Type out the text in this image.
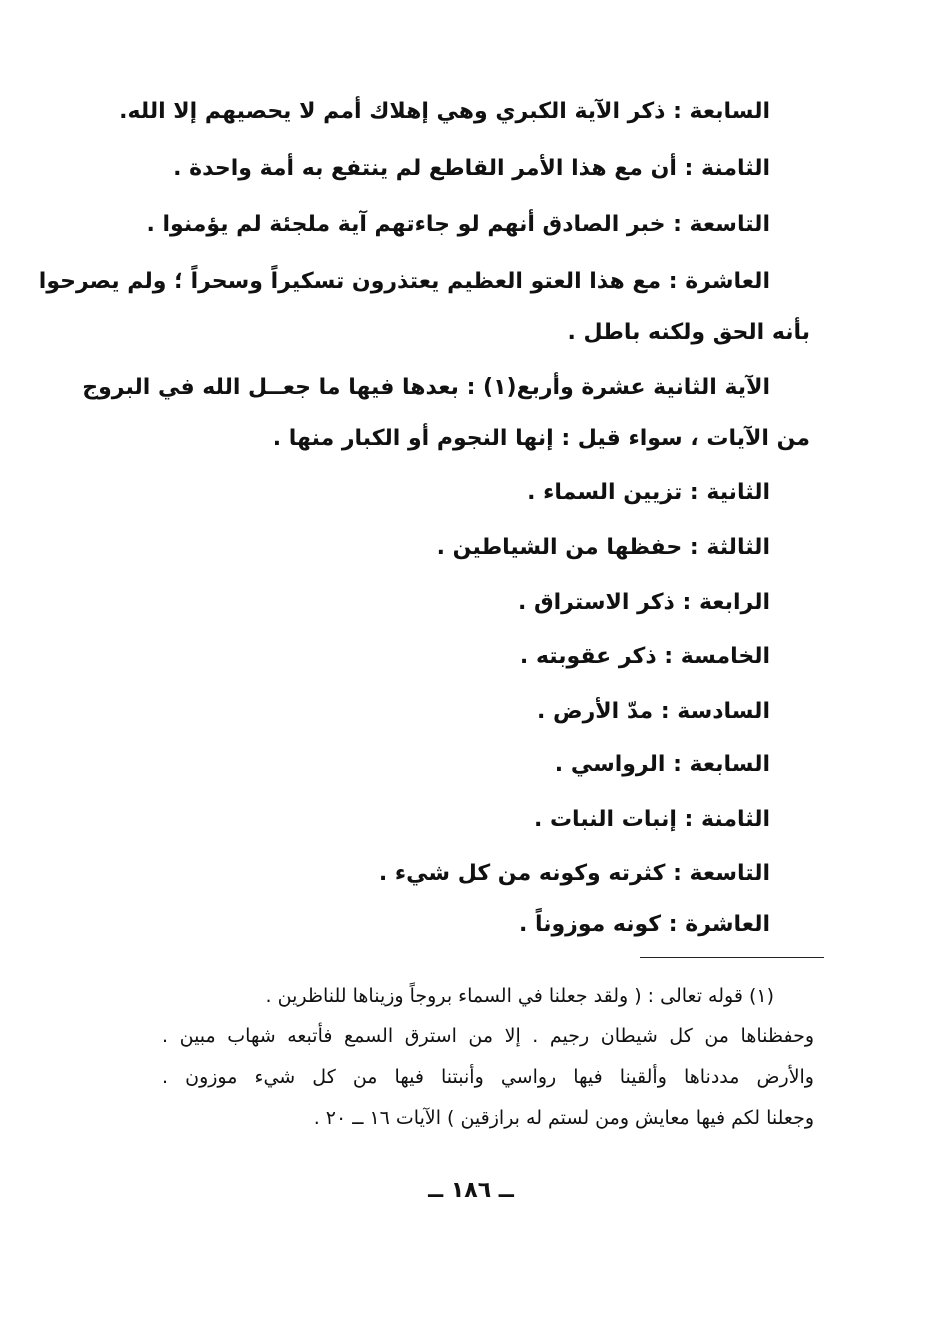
السابعة : ذكر الآية الكبري وهي إهلاك أمم لا يحصيهم إلا الله.
الثامنة : أن مع هذا الأمر القاطع لم ينتفع به أمة واحدة .
التاسعة : خبر الصادق أنهم لو جاءتهم آية ملجئة لم يؤمنوا .
العاشرة : مع هذا العتو العظيم يعتذرون تسكيراً وسحراً ؛ ولم يصرحوا
بأنه الحق ولكنه باطل .
الآية الثانية عشرة وأربع(١) : بعدها فيها ما جعــل الله في البروج
من الآيات ، سواء قيل : إنها النجوم أو الكبار منها .
الثانية : تزيين السماء .
الثالثة : حفظها من الشياطين .
الرابعة : ذكر الاستراق .
الخامسة : ذكر عقوبته .
السادسة : مدّ الأرض .
السابعة : الرواسي .
الثامنة : إنبات النبات .
التاسعة : كثرته وكونه من كل شيء .
العاشرة : كونه موزوناً .
(١) قوله تعالى : ( ولقد جعلنا في السماء بروجاً وزيناها للناظرين .
وحفظناها من كل شيطان رجيم . إلا من استرق السمع فأتبعه شهاب مبين .
والأرض مددناها وألقينا فيها رواسي وأنبتنا فيها من كل شيء موزون .
وجعلنا لكم فيها معايش ومن لستم له برازقين ) الآيات ١٦ ــ ٢٠ .
ــ ١٨٦ ــ
